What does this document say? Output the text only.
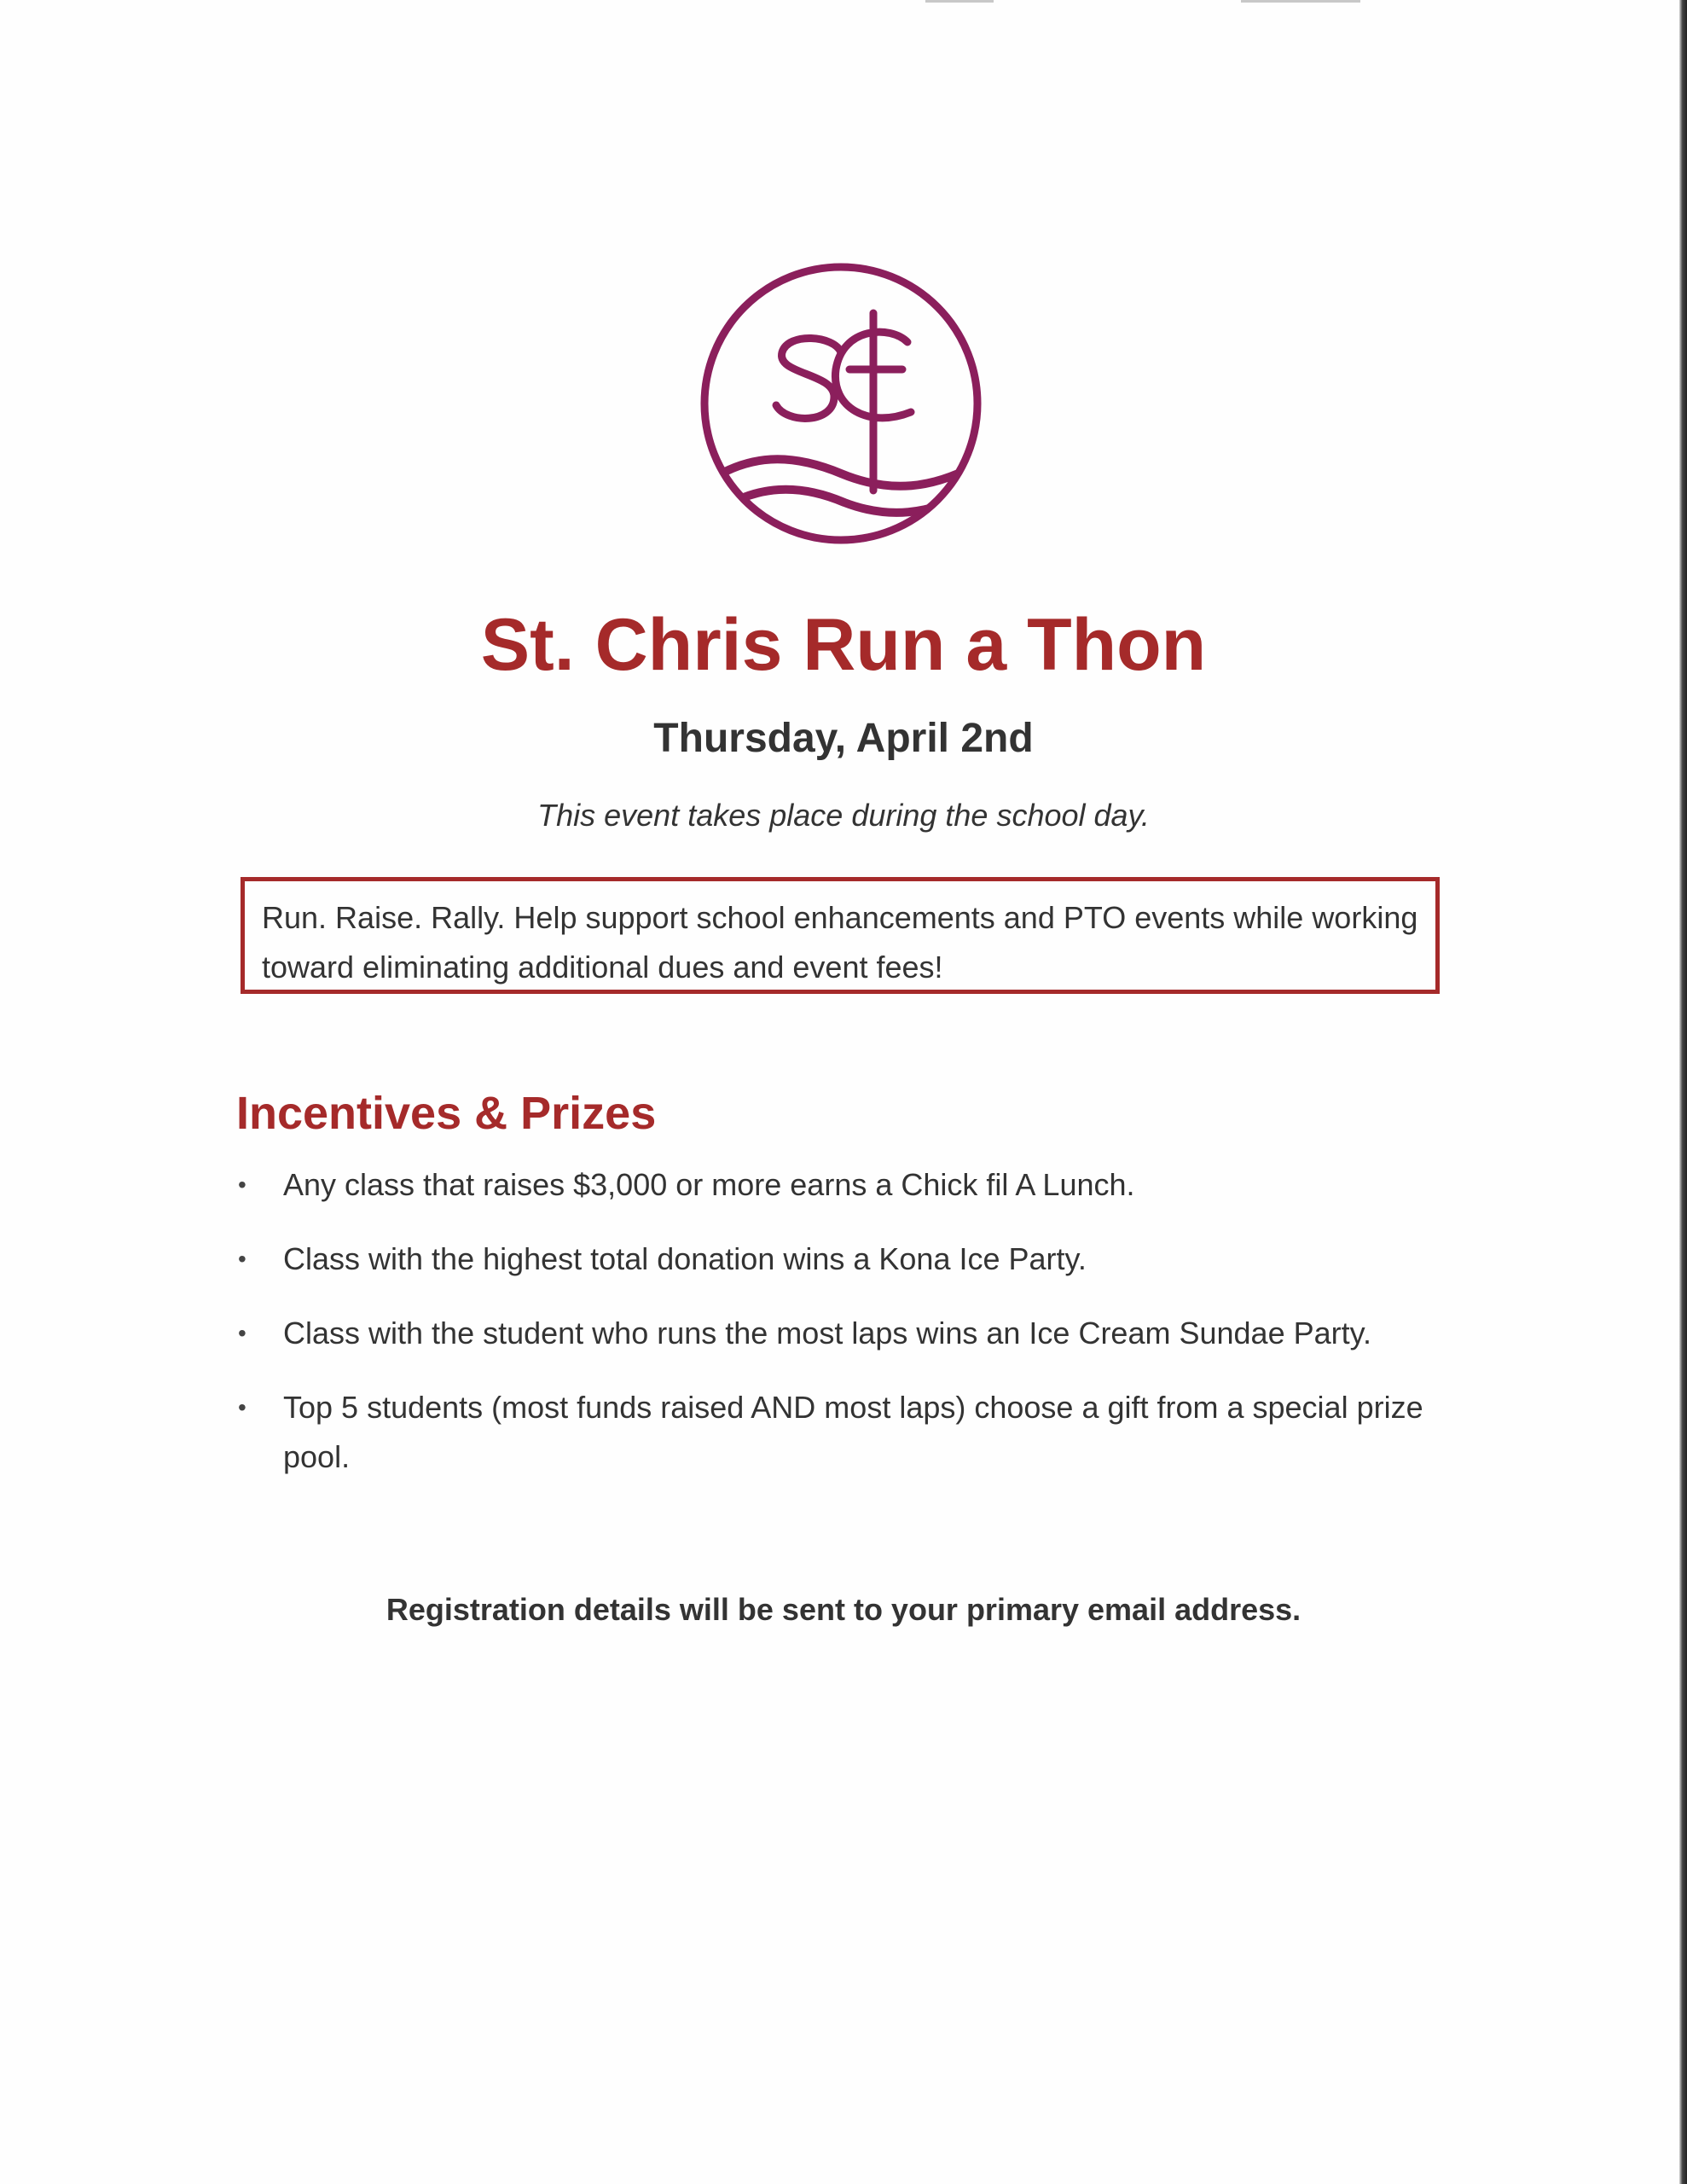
St. Chris Run a Thon
Thursday, April 2nd
This event takes place during the school day.

Run. Raise. Rally. Help support school enhancements and PTO events while working toward eliminating additional dues and event fees!

Incentives & Prizes
• Any class that raises $3,000 or more earns a Chick fil A Lunch.
• Class with the highest total donation wins a Kona Ice Party.
• Class with the student who runs the most laps wins an Ice Cream Sundae Party.
• Top 5 students (most funds raised AND most laps) choose a gift from a special prize pool.
Registration details will be sent to your primary email address.
